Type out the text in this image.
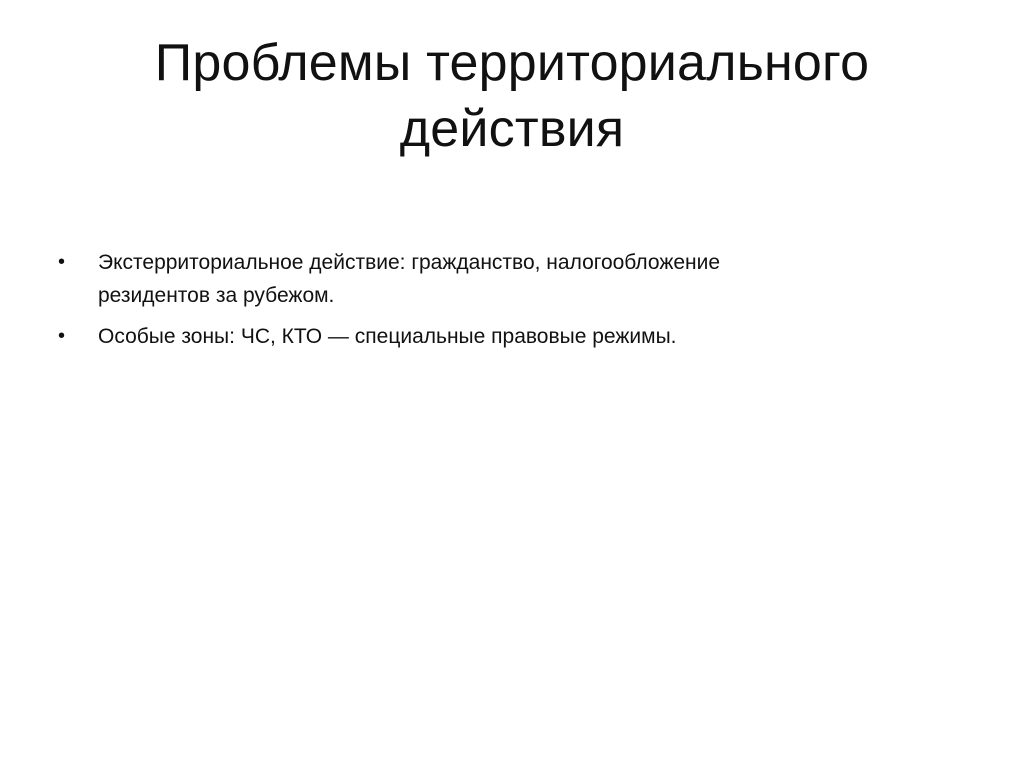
Проблемы территориального
действия
• Экстерриториальное действие: гражданство, налогообложение
резидентов за рубежом.
• Особые зоны: ЧС, КТО — специальные правовые режимы.
